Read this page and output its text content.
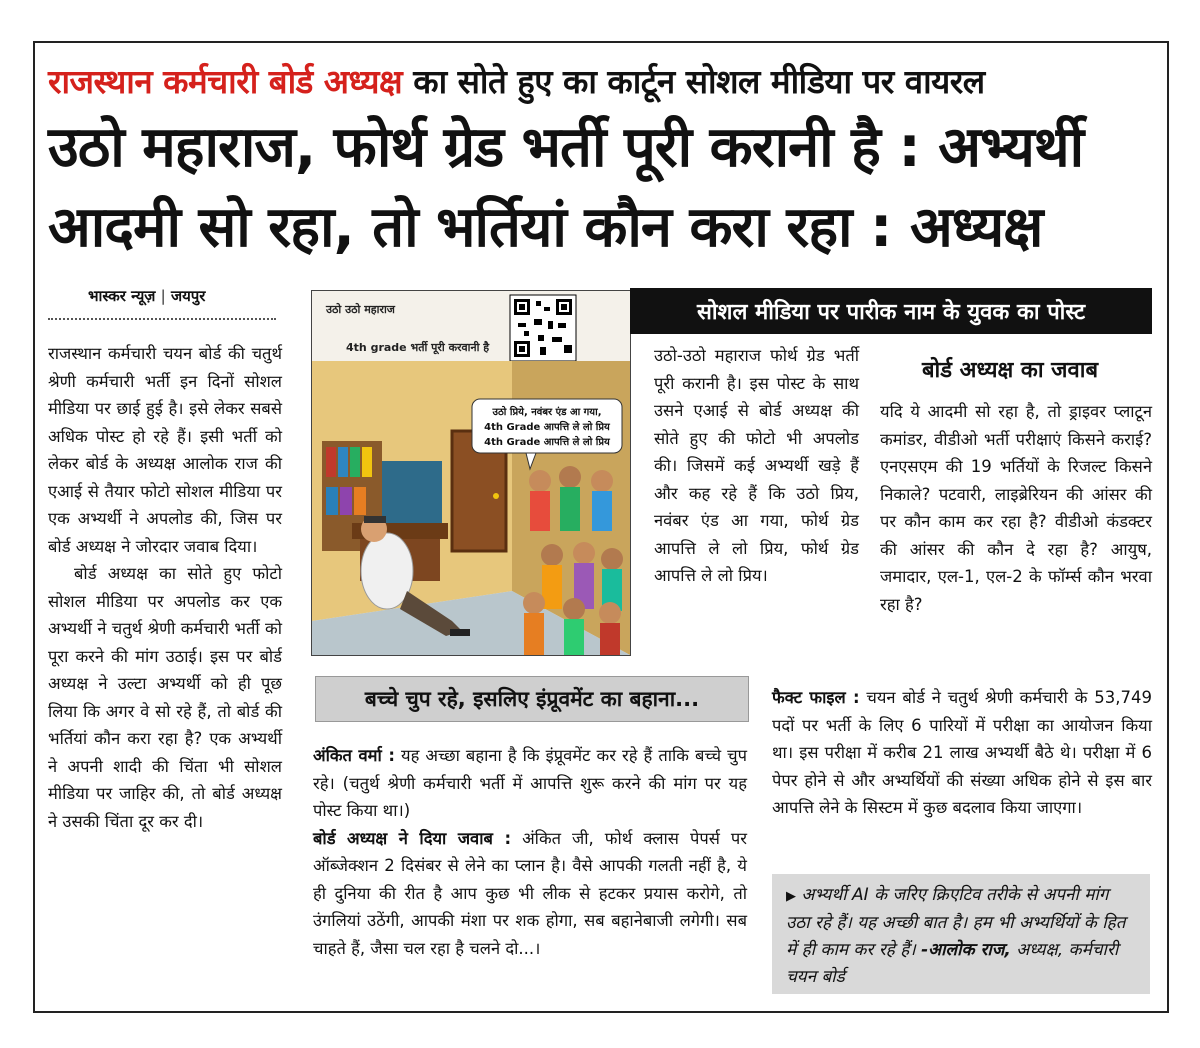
राजस्थान कर्मचारी बोर्ड अध्यक्ष का सोते हुए का कार्टून सोशल मीडिया पर वायरल
उठो महाराज, फोर्थ ग्रेड भर्ती पूरी करानी है : अभ्यर्थी
आदमी सो रहा, तो भर्तियां कौन करा रहा : अध्यक्ष
भास्कर न्यूज़ | जयपुर

राजस्थान कर्मचारी चयन बोर्ड की चतुर्थ श्रेणी कर्मचारी भर्ती इन दिनों सोशल मीडिया पर छाई हुई है। इसे लेकर सबसे अधिक पोस्ट हो रहे हैं। इसी भर्ती को लेकर बोर्ड के अध्यक्ष आलोक राज की एआई से तैयार फोटो सोशल मीडिया पर एक अभ्यर्थी ने अपलोड की, जिस पर बोर्ड अध्यक्ष ने जोरदार जवाब दिया।

बोर्ड अध्यक्ष का सोते हुए फोटो सोशल मीडिया पर अपलोड कर एक अभ्यर्थी ने चतुर्थ श्रेणी कर्मचारी भर्ती को पूरा करने की मांग उठाई। इस पर बोर्ड अध्यक्ष ने उल्टा अभ्यर्थी को ही पूछ लिया कि अगर वे सो रहे हैं, तो बोर्ड की भर्तियां कौन करा रहा है? एक अभ्यर्थी ने अपनी शादी की चिंता भी सोशल मीडिया पर जाहिर की, तो बोर्ड अध्यक्ष ने उसकी चिंता दूर कर दी।

उठो उठो महाराज
4th grade भर्ती पूरी करवानी है
उठो प्रिये, नवंबर एंड आ गया,
4th Grade आपत्ति ले लो प्रिय
4th Grade आपत्ति ले लो प्रिय
सोशल मीडिया पर पारीक नाम के युवक का पोस्ट
उठो-उठो महाराज फोर्थ ग्रेड भर्ती पूरी करानी है। इस पोस्ट के साथ उसने एआई से बोर्ड अध्यक्ष की सोते हुए की फोटो भी अपलोड की। जिसमें कई अभ्यर्थी खड़े हैं और कह रहे हैं कि उठो प्रिय, नवंबर एंड आ गया, फोर्थ ग्रेड आपत्ति ले लो प्रिय, फोर्थ ग्रेड आपत्ति ले लो प्रिय।
बोर्ड अध्यक्ष का जवाब
यदि ये आदमी सो रहा है, तो ड्राइवर प्लाटून कमांडर, वीडीओ भर्ती परीक्षाएं किसने कराई? एनएसएम की 19 भर्तियों के रिजल्ट किसने निकाले? पटवारी, लाइब्रेरियन की आंसर की पर कौन काम कर रहा है? वीडीओ कंडक्टर की आंसर की कौन दे रहा है? आयुष, जमादार, एल-1, एल-2 के फॉर्म्स कौन भरवा रहा है?
बच्चे चुप रहे, इसलिए इंप्रूवमेंट का बहाना...

अंकित वर्मा : यह अच्छा बहाना है कि इंप्रूवमेंट कर रहे हैं ताकि बच्चे चुप रहे। (चतुर्थ श्रेणी कर्मचारी भर्ती में आपत्ति शुरू करने की मांग पर यह पोस्ट किया था।)

बोर्ड अध्यक्ष ने दिया जवाब : अंकित जी, फोर्थ क्लास पेपर्स पर ऑब्जेक्शन 2 दिसंबर से लेने का प्लान है। वैसे आपकी गलती नहीं है, ये ही दुनिया की रीत है आप कुछ भी लीक से हटकर प्रयास करोगे, तो उंगलियां उठेंगी, आपकी मंशा पर शक होगा, सब बहानेबाजी लगेगी। सब चाहते हैं, जैसा चल रहा है चलने दो...।

फैक्ट फाइल : चयन बोर्ड ने चतुर्थ श्रेणी कर्मचारी के 53,749 पदों पर भर्ती के लिए 6 पारियों में परीक्षा का आयोजन किया था। इस परीक्षा में करीब 21 लाख अभ्यर्थी बैठे थे। परीक्षा में 6 पेपर होने से और अभ्यर्थियों की संख्या अधिक होने से इस बार आपत्ति लेने के सिस्टम में कुछ बदलाव किया जाएगा।
▶ अभ्यर्थी AI के जरिए क्रिएटिव तरीके से अपनी मांग उठा रहे हैं। यह अच्छी बात है। हम भी अभ्यर्थियों के हित में ही काम कर रहे हैं। -आलोक राज, अध्यक्ष, कर्मचारी चयन बोर्ड
